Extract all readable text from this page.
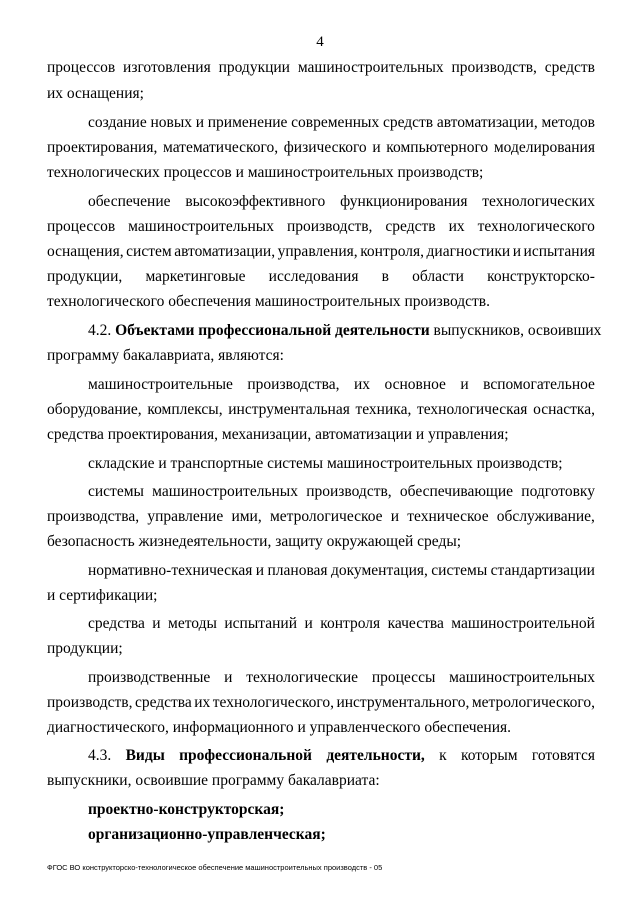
4
процессов изготовления продукции машиностроительных производств, средств
их оснащения;
создание новых и применение современных средств автоматизации, методов
проектирования, математического, физического и компьютерного моделирования
технологических процессов и машиностроительных производств;
обеспечение высокоэффективного функционирования технологических
процессов машиностроительных производств, средств их технологического
оснащения, систем автоматизации, управления, контроля, диагностики и испытания
продукции, маркетинговые исследования в области конструкторско-
технологического обеспечения машиностроительных производств.
4.2. Объектами профессиональной деятельности выпускников, освоивших
программу бакалавриата, являются:
машиностроительные производства, их основное и вспомогательное
оборудование, комплексы, инструментальная техника, технологическая оснастка,
средства проектирования, механизации, автоматизации и управления;
складские и транспортные системы машиностроительных производств;
системы машиностроительных производств, обеспечивающие подготовку
производства, управление ими, метрологическое и техническое обслуживание,
безопасность жизнедеятельности, защиту окружающей среды;
нормативно-техническая и плановая документация, системы стандартизации
и сертификации;
средства и методы испытаний и контроля качества машиностроительной
продукции;
производственные и технологические процессы машиностроительных
производств, средства их технологического, инструментального, метрологического,
диагностического, информационного и управленческого обеспечения.
4.3. Виды профессиональной деятельности, к которым готовятся
выпускники, освоившие программу бакалавриата:
проектно-конструкторская;
организационно-управленческая;
ФГОС ВО конструкторско-технологическое обеспечение машиностроительных производств - 05
